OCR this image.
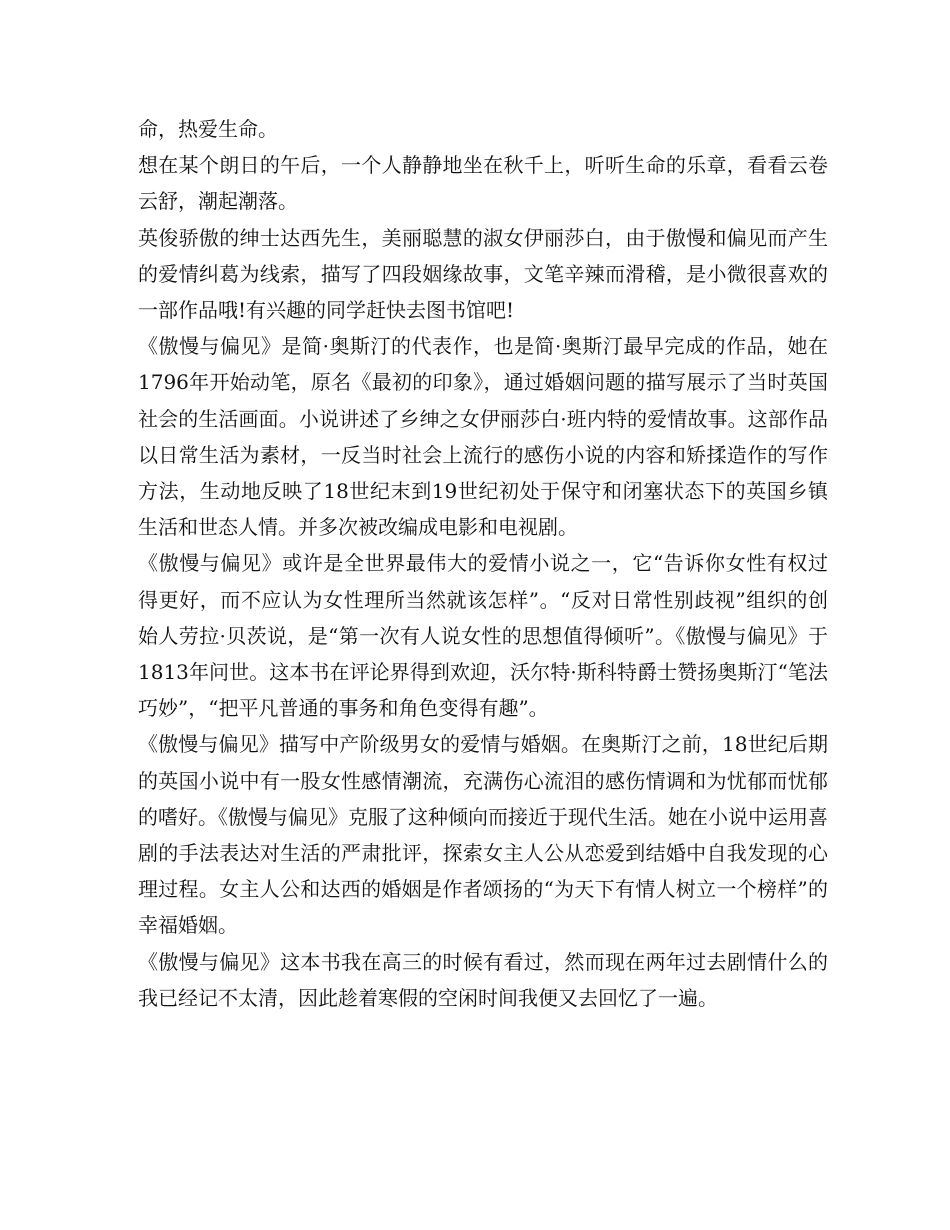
命，热爱生命。

想在某个朗日的午后，一个人静静地坐在秋千上，听听生命的乐章，看看云卷云舒，潮起潮落。

英俊骄傲的绅士达西先生，美丽聪慧的淑女伊丽莎白，由于傲慢和偏见而产生的爱情纠葛为线索，描写了四段姻缘故事，文笔辛辣而滑稽，是小微很喜欢的一部作品哦!有兴趣的同学赶快去图书馆吧!

《傲慢与偏见》是简·奥斯汀的代表作，也是简·奥斯汀最早完成的作品，她在1796年开始动笔，原名《最初的印象》，通过婚姻问题的描写展示了当时英国社会的生活画面。小说讲述了乡绅之女伊丽莎白·班内特的爱情故事。这部作品以日常生活为素材，一反当时社会上流行的感伤小说的内容和矫揉造作的写作方法，生动地反映了18世纪末到19世纪初处于保守和闭塞状态下的英国乡镇生活和世态人情。并多次被改编成电影和电视剧。

《傲慢与偏见》或许是全世界最伟大的爱情小说之一，它“告诉你女性有权过得更好，而不应认为女性理所当然就该怎样”。“反对日常性别歧视”组织的创始人劳拉·贝茨说，是“第一次有人说女性的思想值得倾听”。《傲慢与偏见》于1813年问世。这本书在评论界得到欢迎，沃尔特·斯科特爵士赞扬奥斯汀“笔法巧妙”，“把平凡普通的事务和角色变得有趣”。

《傲慢与偏见》描写中产阶级男女的爱情与婚姻。在奥斯汀之前，18世纪后期的英国小说中有一股女性感情潮流，充满伤心流泪的感伤情调和为忧郁而忧郁的嗜好。《傲慢与偏见》克服了这种倾向而接近于现代生活。她在小说中运用喜剧的手法表达对生活的严肃批评，探索女主人公从恋爱到结婚中自我发现的心理过程。女主人公和达西的婚姻是作者颂扬的“为天下有情人树立一个榜样”的幸福婚姻。

《傲慢与偏见》这本书我在高三的时候有看过，然而现在两年过去剧情什么的我已经记不太清，因此趁着寒假的空闲时间我便又去回忆了一遍。
